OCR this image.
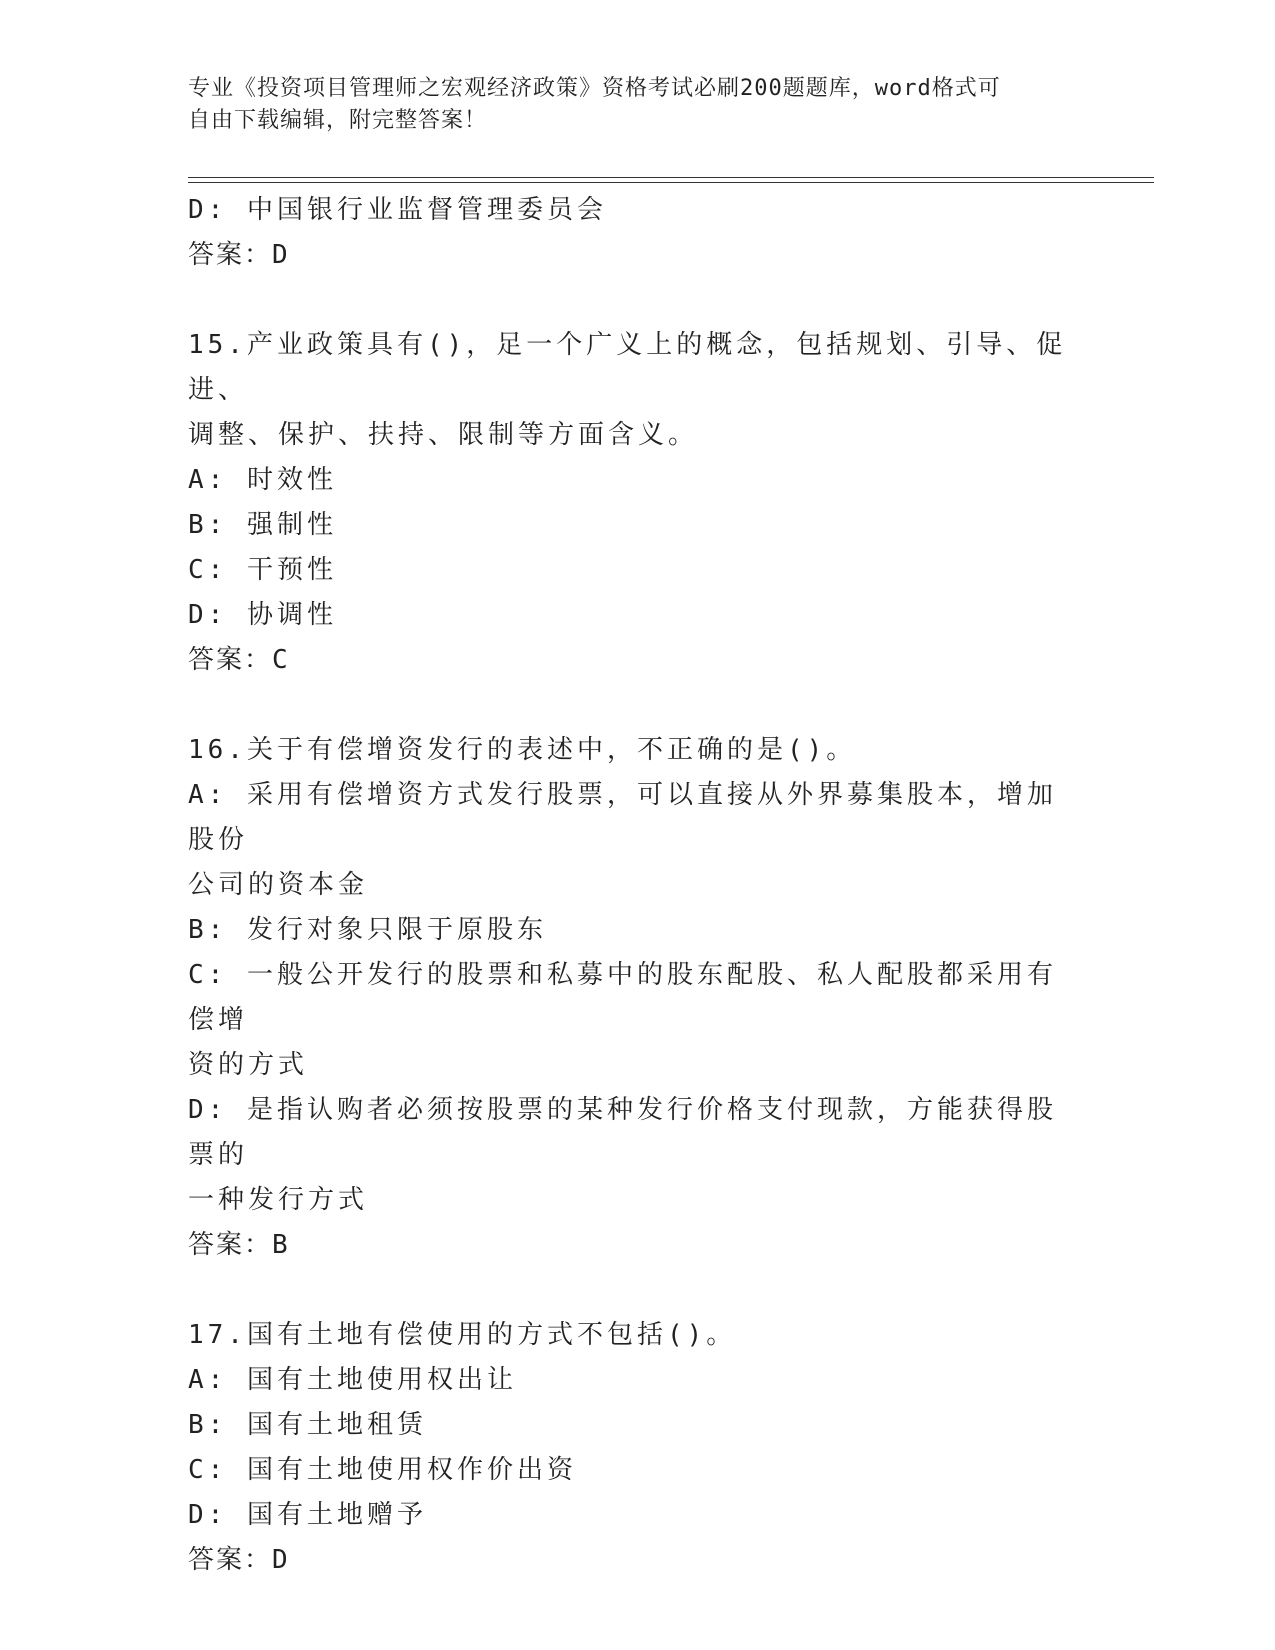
专业《投资项目管理师之宏观经济政策》资格考试必刷200题题库，word格式可
自由下载编辑，附完整答案！
D: 中国银行业监督管理委员会
答案：D
15.产业政策具有()，足一个广义上的概念，包括规划、引导、促进、
调整、保护、扶持、限制等方面含义。
A: 时效性
B: 强制性
C: 干预性
D: 协调性
答案：C
16.关于有偿增资发行的表述中，不正确的是()。
A: 采用有偿增资方式发行股票，可以直接从外界募集股本，增加股份
公司的资本金
B: 发行对象只限于原股东
C: 一般公开发行的股票和私募中的股东配股、私人配股都采用有偿增
资的方式
D: 是指认购者必须按股票的某种发行价格支付现款，方能获得股票的
一种发行方式
答案：B
17.国有土地有偿使用的方式不包括()。
A: 国有土地使用权出让
B: 国有土地租赁
C: 国有土地使用权作价出资
D: 国有土地赠予
答案：D
